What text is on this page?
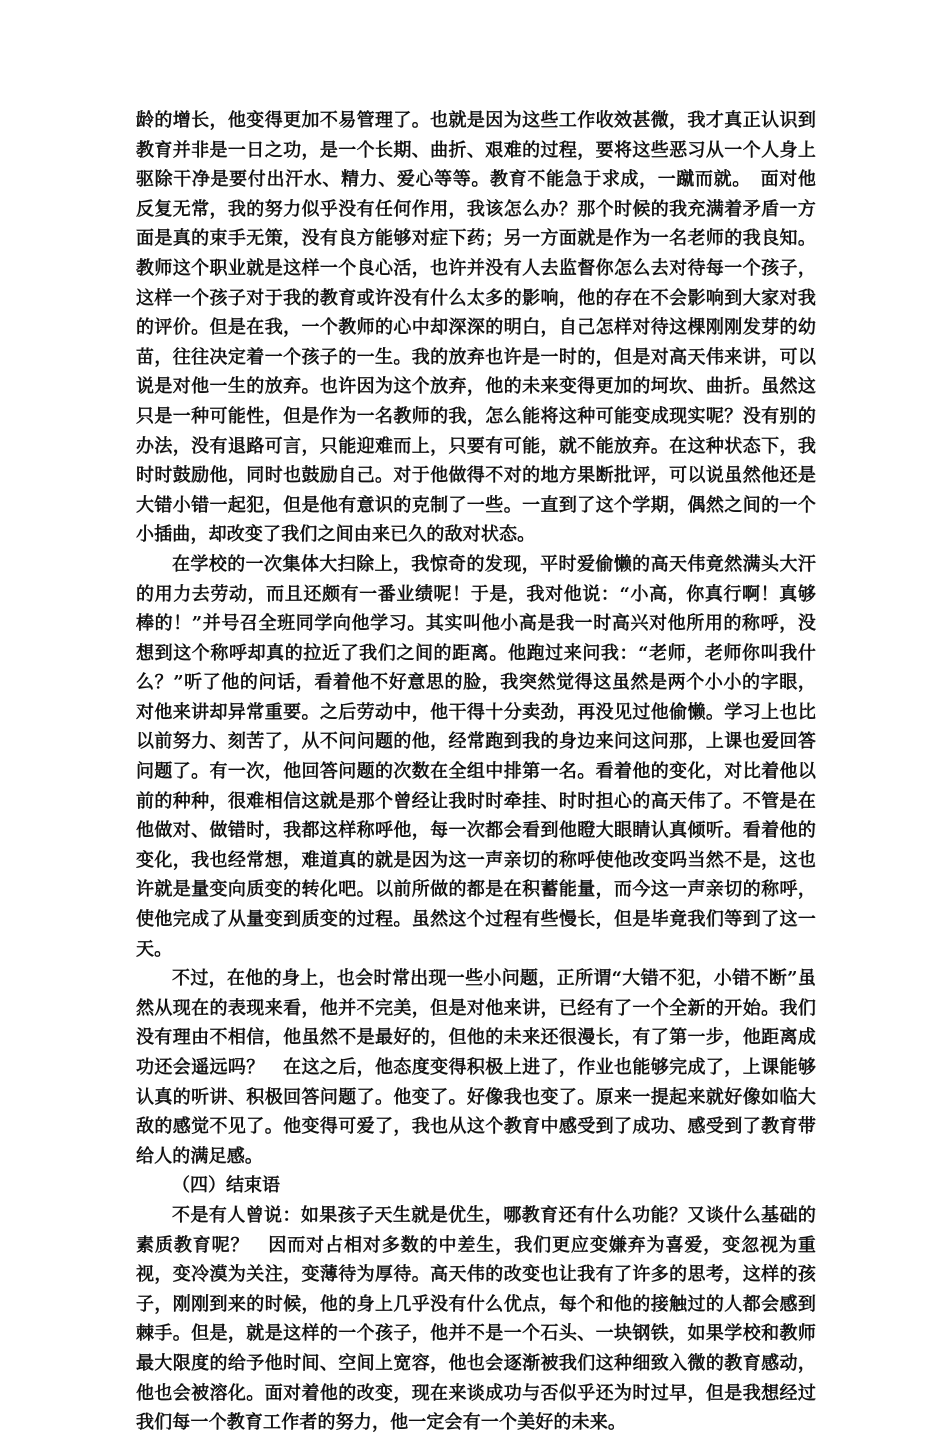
龄的增长，他变得更加不易管理了。也就是因为这些工作收效甚微，我才真正认识到教育并非是一日之功，是一个长期、曲折、艰难的过程，要将这些恶习从一个人身上驱除干净是要付出汗水、精力、爱心等等。教育不能急于求成，一蹴而就。　面对他反复无常，我的努力似乎没有任何作用，我该怎么办？那个时候的我充满着矛盾一方面是真的束手无策，没有良方能够对症下药；另一方面就是作为一名老师的我良知。教师这个职业就是这样一个良心活，也许并没有人去监督你怎么去对待每一个孩子，这样一个孩子对于我的教育或许没有什么太多的影响，他的存在不会影响到大家对我的评价。但是在我，一个教师的心中却深深的明白，自己怎样对待这棵刚刚发芽的幼苗，往往决定着一个孩子的一生。我的放弃也许是一时的，但是对高天伟来讲，可以说是对他一生的放弃。也许因为这个放弃，他的未来变得更加的坷坎、曲折。虽然这只是一种可能性，但是作为一名教师的我，怎么能将这种可能变成现实呢？没有别的办法，没有退路可言，只能迎难而上，只要有可能，就不能放弃。在这种状态下，我时时鼓励他，同时也鼓励自己。对于他做得不对的地方果断批评，可以说虽然他还是大错小错一起犯，但是他有意识的克制了一些。一直到了这个学期，偶然之间的一个小插曲，却改变了我们之间由来已久的敌对状态。

在学校的一次集体大扫除上，我惊奇的发现，平时爱偷懒的高天伟竟然满头大汗的用力去劳动，而且还颇有一番业绩呢！于是，我对他说：“小高，你真行啊！真够棒的！”并号召全班同学向他学习。其实叫他小高是我一时高兴对他所用的称呼，没想到这个称呼却真的拉近了我们之间的距离。他跑过来问我：“老师，老师你叫我什么？”听了他的问话，看着他不好意思的脸，我突然觉得这虽然是两个小小的字眼，对他来讲却异常重要。之后劳动中，他干得十分卖劲，再没见过他偷懒。学习上也比以前努力、刻苦了，从不问问题的他，经常跑到我的身边来问这问那，上课也爱回答问题了。有一次，他回答问题的次数在全组中排第一名。看着他的变化，对比着他以前的种种，很难相信这就是那个曾经让我时时牵挂、时时担心的高天伟了。不管是在他做对、做错时，我都这样称呼他，每一次都会看到他瞪大眼睛认真倾听。看着他的变化，我也经常想，难道真的就是因为这一声亲切的称呼使他改变吗当然不是，这也许就是量变向质变的转化吧。以前所做的都是在积蓄能量，而今这一声亲切的称呼，使他完成了从量变到质变的过程。虽然这个过程有些慢长，但是毕竟我们等到了这一天。

不过，在他的身上，也会时常出现一些小问题，正所谓“大错不犯，小错不断”虽然从现在的表现来看，他并不完美，但是对他来讲，已经有了一个全新的开始。我们没有理由不相信，他虽然不是最好的，但他的未来还很漫长，有了第一步，他距离成功还会遥远吗？　在这之后，他态度变得积极上进了，作业也能够完成了，上课能够认真的听讲、积极回答问题了。他变了。好像我也变了。原来一提起来就好像如临大敌的感觉不见了。他变得可爱了，我也从这个教育中感受到了成功、感受到了教育带给人的满足感。

（四）结束语

不是有人曾说：如果孩子天生就是优生，哪教育还有什么功能？又谈什么基础的素质教育呢？　因而对占相对多数的中差生，我们更应变嫌弃为喜爱，变忽视为重视，变冷漠为关注，变薄待为厚待。高天伟的改变也让我有了许多的思考，这样的孩子，刚刚到来的时候，他的身上几乎没有什么优点，每个和他的接触过的人都会感到棘手。但是，就是这样的一个孩子，他并不是一个石头、一块钢铁，如果学校和教师最大限度的给予他时间、空间上宽容，他也会逐渐被我们这种细致入微的教育感动，他也会被溶化。面对着他的改变，现在来谈成功与否似乎还为时过早，但是我想经过我们每一个教育工作者的努力，他一定会有一个美好的未来。
